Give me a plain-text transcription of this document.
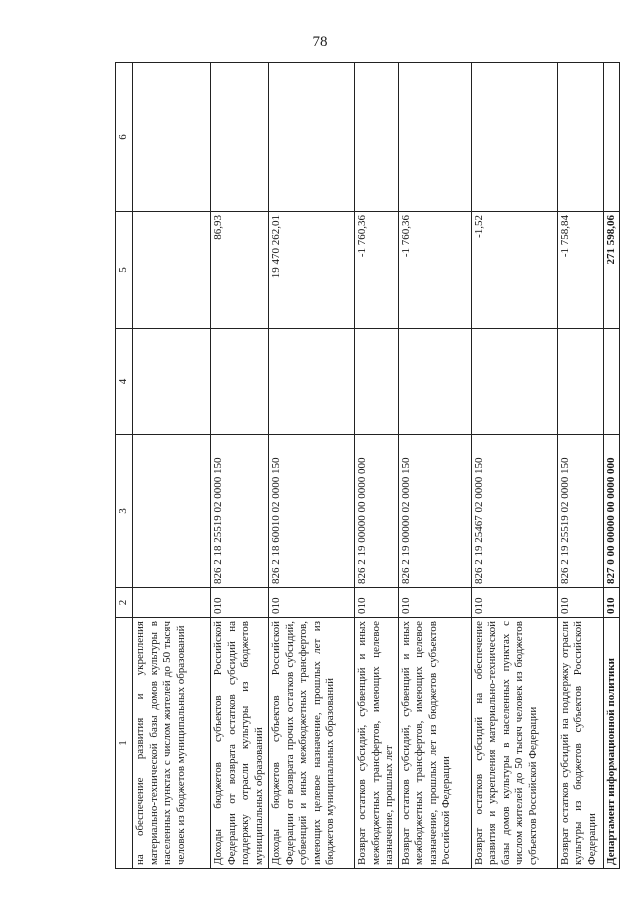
78
1	2	3	4	5	6
на обеспечение развития и укрепления материально-технической базы домов культуры в населенных пунктах с числом жителей до 50 тысяч человек из бюджетов муниципальных образований					
Доходы бюджетов субъектов Российской Федерации от возврата остатков субсидий на поддержку отрасли культуры из бюджетов муниципальных образований	010	826 2 18 25519 02 0000 150		86,93	
Доходы бюджетов субъектов Российской Федерации от возврата прочих остатков субсидий, субвенций и иных межбюджетных трансфертов, имеющих целевое назначение, прошлых лет из бюджетов муниципальных образований	010	826 2 18 60010 02 0000 150		19 470 262,01	
Возврат остатков субсидий, субвенций и иных межбюджетных трансфертов, имеющих целевое назначение, прошлых лет	010	826 2 19 00000 00 0000 000		-1 760,36	
Возврат остатков субсидий, субвенций и иных межбюджетных трансфертов, имеющих целевое назначение, прошлых лет из бюджетов субъектов Российской Федерации	010	826 2 19 00000 02 0000 150		-1 760,36	
Возврат остатков субсидий на обеспечение развития и укрепления материально-технической базы домов культуры в населенных пунктах с числом жителей до 50 тысяч человек из бюджетов субъектов Российской Федерации	010	826 2 19 25467 02 0000 150		-1,52	
Возврат остатков субсидий на поддержку отрасли культуры из бюджетов субъектов Российской Федерации	010	826 2 19 25519 02 0000 150		-1 758,84	
Департамент информационной политики	010	827 0 00 00000 00 0000 000		271 598,06	
